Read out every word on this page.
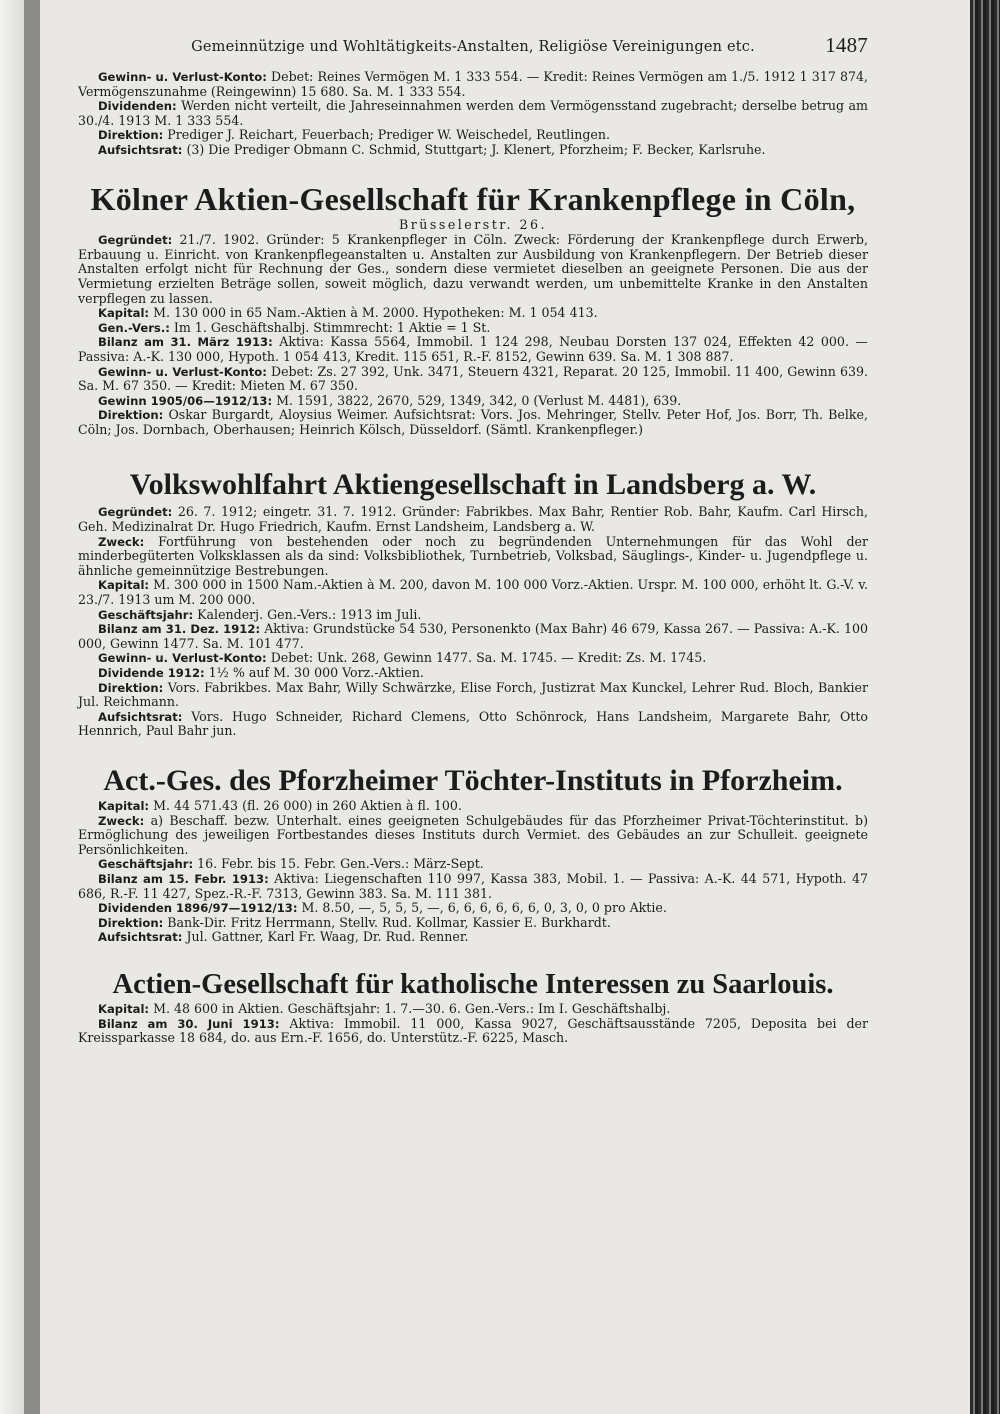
Gemeinnützige und Wohltätigkeits-Anstalten, Religiöse Vereinigungen etc.	1487

Gewinn- u. Verlust-Konto: Debet: Reines Vermögen M. 1 333 554. — Kredit: Reines Vermögen am 1./5. 1912 1 317 874, Vermögenszunahme (Reingewinn) 15 680. Sa. M. 1 333 554.

Dividenden: Werden nicht verteilt, die Jahreseinnahmen werden dem Vermögensstand zugebracht; derselbe betrug am 30./4. 1913 M. 1 333 554.

Direktion: Prediger J. Reichart, Feuerbach; Prediger W. Weischedel, Reutlingen.

Aufsichtsrat: (3) Die Prediger Obmann C. Schmid, Stuttgart; J. Klenert, Pforzheim; F. Becker, Karlsruhe.

Kölner Aktien-Gesellschaft für Krankenpflege in Cöln,

Brüsselerstr. 26.

Gegründet: 21./7. 1902. Gründer: 5 Krankenpfleger in Cöln. Zweck: Förderung der Krankenpflege durch Erwerb, Erbauung u. Einricht. von Krankenpflegeanstalten u. Anstalten zur Ausbildung von Krankenpflegern. Der Betrieb dieser Anstalten erfolgt nicht für Rechnung der Ges., sondern diese vermietet dieselben an geeignete Personen. Die aus der Vermietung erzielten Beträge sollen, soweit möglich, dazu verwandt werden, um unbemittelte Kranke in den Anstalten verpflegen zu lassen.

Kapital: M. 130 000 in 65 Nam.-Aktien à M. 2000. Hypotheken: M. 1 054 413.

Gen.-Vers.: Im 1. Geschäftshalbj. Stimmrecht: 1 Aktie = 1 St.

Bilanz am 31. März 1913: Aktiva: Kassa 5564, Immobil. 1 124 298, Neubau Dorsten 137 024, Effekten 42 000. — Passiva: A.-K. 130 000, Hypoth. 1 054 413, Kredit. 115 651, R.-F. 8152, Gewinn 639. Sa. M. 1 308 887.

Gewinn- u. Verlust-Konto: Debet: Zs. 27 392, Unk. 3471, Steuern 4321, Reparat. 20 125, Immobil. 11 400, Gewinn 639. Sa. M. 67 350. — Kredit: Mieten M. 67 350.

Gewinn 1905/06—1912/13: M. 1591, 3822, 2670, 529, 1349, 342, 0 (Verlust M. 4481), 639.

Direktion: Oskar Burgardt, Aloysius Weimer. Aufsichtsrat: Vors. Jos. Mehringer, Stellv. Peter Hof, Jos. Borr, Th. Belke, Cöln; Jos. Dornbach, Oberhausen; Heinrich Kölsch, Düsseldorf. (Sämtl. Krankenpfleger.)

Volkswohlfahrt Aktiengesellschaft in Landsberg a. W.

Gegründet: 26. 7. 1912; eingetr. 31. 7. 1912. Gründer: Fabrikbes. Max Bahr, Rentier Rob. Bahr, Kaufm. Carl Hirsch, Geh. Medizinalrat Dr. Hugo Friedrich, Kaufm. Ernst Landsheim, Landsberg a. W.

Zweck: Fortführung von bestehenden oder noch zu begründenden Unternehmungen für das Wohl der minderbegüterten Volksklassen als da sind: Volksbibliothek, Turnbetrieb, Volksbad, Säuglings-, Kinder- u. Jugendpflege u. ähnliche gemeinnützige Bestrebungen.

Kapital: M. 300 000 in 1500 Nam.-Aktien à M. 200, davon M. 100 000 Vorz.-Aktien. Urspr. M. 100 000, erhöht lt. G.-V. v. 23./7. 1913 um M. 200 000.

Geschäftsjahr: Kalenderj. Gen.-Vers.: 1913 im Juli.

Bilanz am 31. Dez. 1912: Aktiva: Grundstücke 54 530, Personenkto (Max Bahr) 46 679, Kassa 267. — Passiva: A.-K. 100 000, Gewinn 1477. Sa. M. 101 477.

Gewinn- u. Verlust-Konto: Debet: Unk. 268, Gewinn 1477. Sa. M. 1745. — Kredit: Zs. M. 1745.

Dividende 1912: 1½ % auf M. 30 000 Vorz.-Aktien.

Direktion: Vors. Fabrikbes. Max Bahr, Willy Schwärzke, Elise Forch, Justizrat Max Kunckel, Lehrer Rud. Bloch, Bankier Jul. Reichmann.

Aufsichtsrat: Vors. Hugo Schneider, Richard Clemens, Otto Schönrock, Hans Landsheim, Margarete Bahr, Otto Hennrich, Paul Bahr jun.

Act.-Ges. des Pforzheimer Töchter-Instituts in Pforzheim.

Kapital: M. 44 571.43 (fl. 26 000) in 260 Aktien à fl. 100.

Zweck: a) Beschaff. bezw. Unterhalt. eines geeigneten Schulgebäudes für das Pforzheimer Privat-Töchterinstitut. b) Ermöglichung des jeweiligen Fortbestandes dieses Instituts durch Vermiet. des Gebäudes an zur Schulleit. geeignete Persönlichkeiten.

Geschäftsjahr: 16. Febr. bis 15. Febr. Gen.-Vers.: März-Sept.

Bilanz am 15. Febr. 1913: Aktiva: Liegenschaften 110 997, Kassa 383, Mobil. 1. — Passiva: A.-K. 44 571, Hypoth. 47 686, R.-F. 11 427, Spez.-R.-F. 7313, Gewinn 383. Sa. M. 111 381.

Dividenden 1896/97—1912/13: M. 8.50, —, 5, 5, 5, —, 6, 6, 6, 6, 6, 6, 0, 3, 0, 0 pro Aktie.

Direktion: Bank-Dir. Fritz Herrmann, Stellv. Rud. Kollmar, Kassier E. Burkhardt.

Aufsichtsrat: Jul. Gattner, Karl Fr. Waag, Dr. Rud. Renner.

Actien-Gesellschaft für katholische Interessen zu Saarlouis.

Kapital: M. 48 600 in Aktien. Geschäftsjahr: 1. 7.—30. 6. Gen.-Vers.: Im I. Geschäftshalbj.

Bilanz am 30. Juni 1913: Aktiva: Immobil. 11 000, Kassa 9027, Geschäftsausstände 7205, Deposita bei der Kreissparkasse 18 684, do. aus Ern.-F. 1656, do. Unterstütz.-F. 6225, Masch.
